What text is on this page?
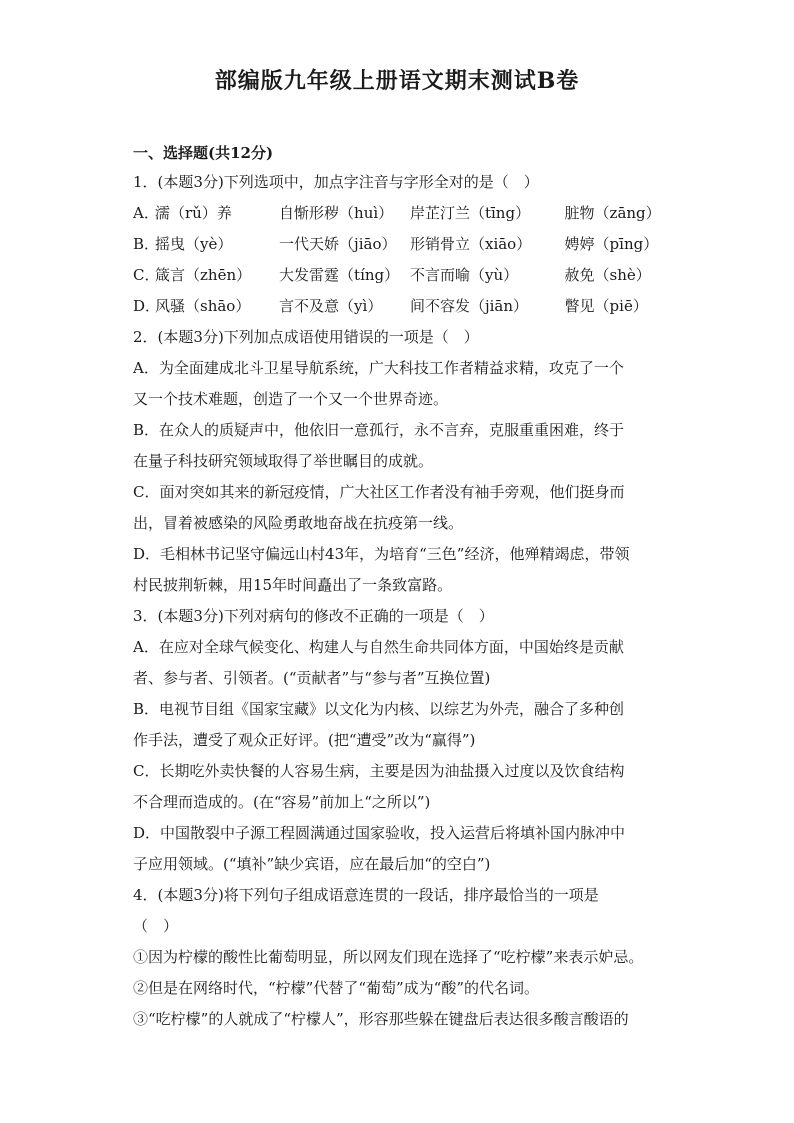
部编版九年级上册语文期末测试B卷

一、选择题(共12分)

1．(本题3分)下列选项中，加点字注音与字形全对的是（　）

A．
濡（rǔ）养	自惭形秽（huì）	岸芷汀兰（tīng）	脏物（zāng）
B．
摇曳（yè）	一代天娇（jiāo） 形销骨立（xiāo）	娉婷（pīng）
C．
箴言（zhēn）	大发雷霆（tíng） 不言而喻（yù）	赦免（shè）
D．
风骚（shāo）	言不及意（yì）	间不容发（jiān）	瞥见（piē）

2．(本题3分)下列加点成语使用错误的一项是（　）

A．为全面建成北斗卫星导航系统，广大科技工作者精益求精，攻克了一个

又一个技术难题，创造了一个又一个世界奇迹。

B．在众人的质疑声中，他依旧一意孤行，永不言弃，克服重重困难，终于

在量子科技研究领域取得了举世瞩目的成就。

C．面对突如其来的新冠疫情，广大社区工作者没有袖手旁观，他们挺身而

出，冒着被感染的风险勇敢地奋战在抗疫第一线。

D．毛相林书记坚守偏远山村43年，为培育“三色”经济，他殚精竭虑，带领

村民披荆斩棘，用15年时间矗出了一条致富路。

3．(本题3分)下列对病句的修改不正确的一项是（　）

A．在应对全球气候变化、构建人与自然生命共同体方面，中国始终是贡献

者、参与者、引领者。(“贡献者”与“参与者”互换位置)

B．电视节目组《国家宝藏》以文化为内核、以综艺为外壳，融合了多种创

作手法，遭受了观众正好评。(把“遭受”改为“赢得”)

C．长期吃外卖快餐的人容易生病，主要是因为油盐摄入过度以及饮食结构

不合理而造成的。(在“容易”前加上“之所以”)

D．中国散裂中子源工程圆满通过国家验收，投入运营后将填补国内脉冲中

子应用领域。(“填补”缺少宾语，应在最后加“的空白”)

4．(本题3分)将下列句子组成语意连贯的一段话，排序最恰当的一项是

（　）

①因为柠檬的酸性比葡萄明显，所以网友们现在选择了“吃柠檬”来表示妒忌。

②但是在网络时代，“柠檬”代替了“葡萄”成为“酸”的代名词。

③“吃柠檬”的人就成了“柠檬人”，形容那些躲在键盘后表达很多酸言酸语的
